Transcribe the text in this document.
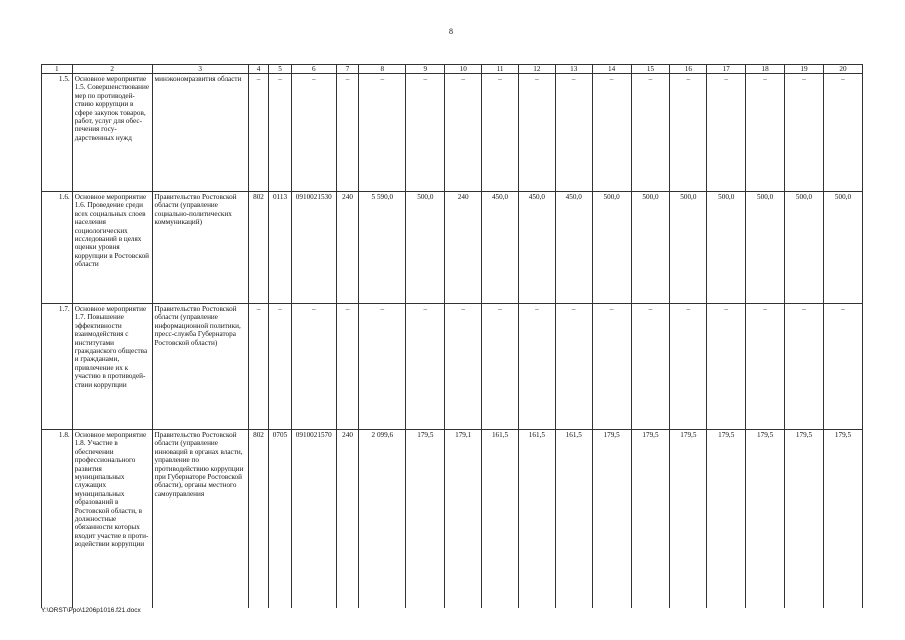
8
1	2	3	4	5	6	7	8	9	10	11	12	13	14	15	16	17	18	19	20
1.5.	Основное мероприятие 1.5. Совершенствование мер по противодействию коррупции в сфере закупок товаров, работ, услуг для обеспечения государственных нужд	минэкономразвития области	–	–	–	–	–	–	–	–	–	–	–	–	–	–	–	–	–
1.6.	Основное мероприятие 1.6. Проведение среди всех социальных слоев населения социологических исследований в целях оценки уровня коррупции в Ростовской области	Правительство Ростовской области (управление социально-политических коммуникаций)	802	0113	0910021530	240	5 590,0	500,0	240	450,0	450,0	450,0	500,0	500,0	500,0	500,0	500,0	500,0	500,0
1.7.	Основное мероприятие 1.7. Повышение эффективности взаимодействия с институтами гражданского общества и гражданами, привлечение их к участию в противодействии коррупции	Правительство Ростовской области (управление информационной политики, пресс-служба Губернатора Ростовской области)	–	–	–	–	–	–	–	–	–	–	–	–	–	–	–	–	–
1.8.	Основное мероприятие 1.8. Участие в обеспечении профессионального развития муниципальных служащих муниципальных образований в Ростовской области, в должностные обязанности которых входит участие в противодействии коррупции	Правительство Ростовской области (управление инноваций в органах власти, управление по противодействию коррупции при Губернаторе Ростовской области), органы местного самоуправления	802	0705	0910021570	240	2 099,6	179,5	179,1	161,5	161,5	161,5	179,5	179,5	179,5	179,5	179,5	179,5	179,5
Y:\ORST\Ppo\1206p1016.f21.docx
